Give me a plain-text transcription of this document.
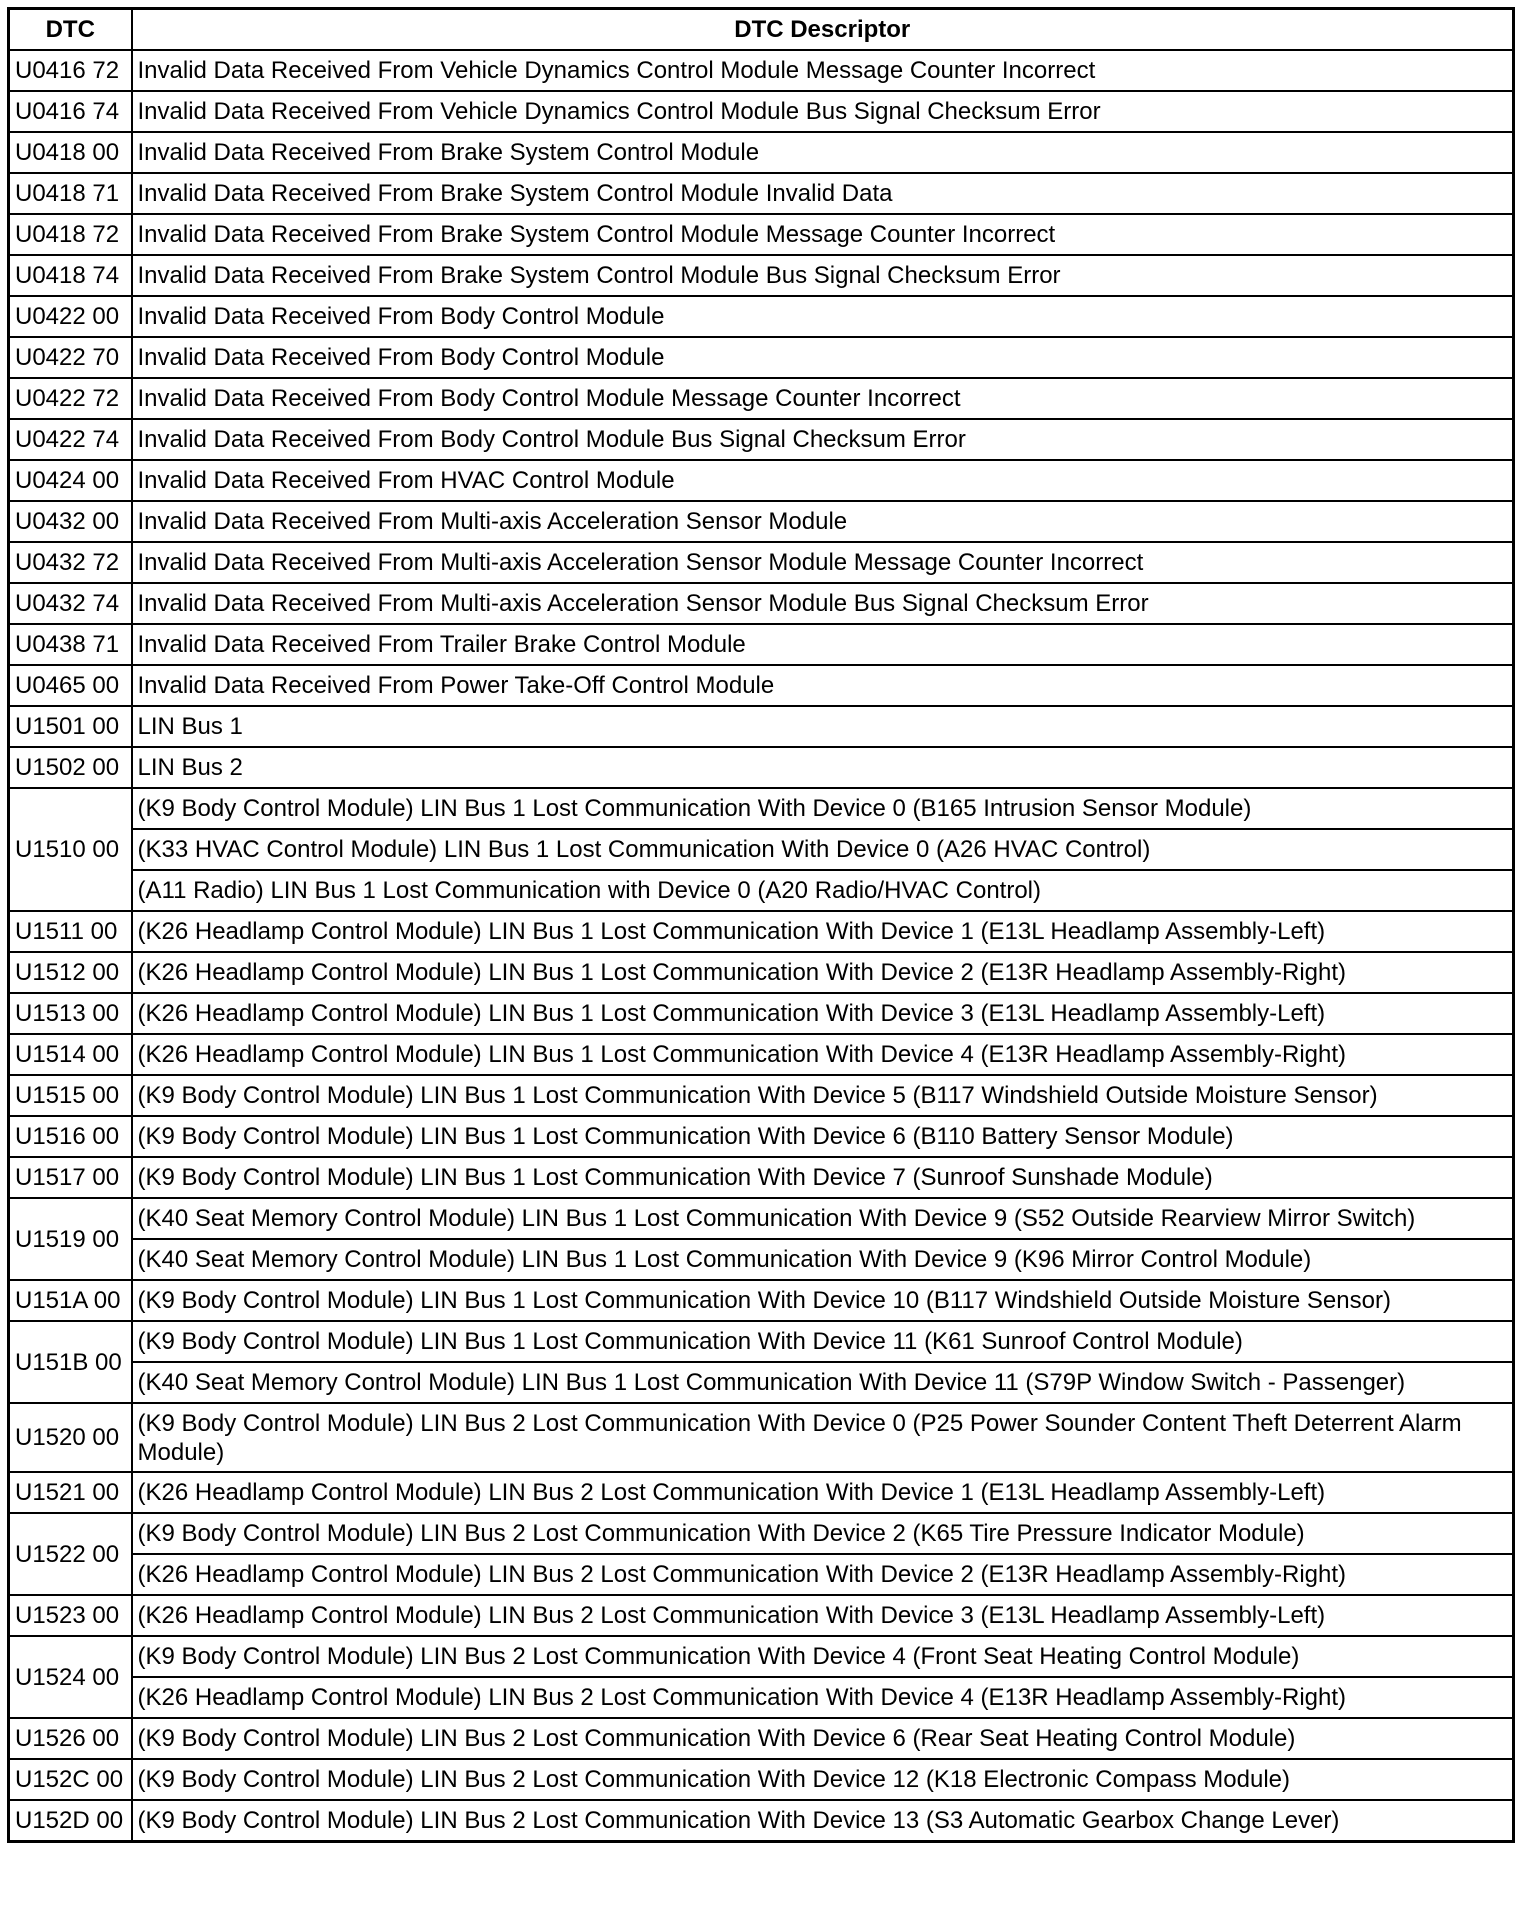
DTC	DTC Descriptor
U0416 72	Invalid Data Received From Vehicle Dynamics Control Module Message Counter Incorrect
U0416 74	Invalid Data Received From Vehicle Dynamics Control Module Bus Signal Checksum Error
U0418 00	Invalid Data Received From Brake System Control Module
U0418 71	Invalid Data Received From Brake System Control Module Invalid Data
U0418 72	Invalid Data Received From Brake System Control Module Message Counter Incorrect
U0418 74	Invalid Data Received From Brake System Control Module Bus Signal Checksum Error
U0422 00	Invalid Data Received From Body Control Module
U0422 70	Invalid Data Received From Body Control Module
U0422 72	Invalid Data Received From Body Control Module Message Counter Incorrect
U0422 74	Invalid Data Received From Body Control Module Bus Signal Checksum Error
U0424 00	Invalid Data Received From HVAC Control Module
U0432 00	Invalid Data Received From Multi-axis Acceleration Sensor Module
U0432 72	Invalid Data Received From Multi-axis Acceleration Sensor Module Message Counter Incorrect
U0432 74	Invalid Data Received From Multi-axis Acceleration Sensor Module Bus Signal Checksum Error
U0438 71	Invalid Data Received From Trailer Brake Control Module
U0465 00	Invalid Data Received From Power Take-Off Control Module
U1501 00	LIN Bus 1
U1502 00	LIN Bus 2
U1510 00	(K9 Body Control Module) LIN Bus 1 Lost Communication With Device 0 (B165 Intrusion Sensor Module)
	(K33 HVAC Control Module) LIN Bus 1 Lost Communication With Device 0 (A26 HVAC Control)
	(A11 Radio) LIN Bus 1 Lost Communication with Device 0 (A20 Radio/HVAC Control)
U1511 00	(K26 Headlamp Control Module) LIN Bus 1 Lost Communication With Device 1 (E13L Headlamp Assembly-Left)
U1512 00	(K26 Headlamp Control Module) LIN Bus 1 Lost Communication With Device 2 (E13R Headlamp Assembly-Right)
U1513 00	(K26 Headlamp Control Module) LIN Bus 1 Lost Communication With Device 3 (E13L Headlamp Assembly-Left)
U1514 00	(K26 Headlamp Control Module) LIN Bus 1 Lost Communication With Device 4 (E13R Headlamp Assembly-Right)
U1515 00	(K9 Body Control Module) LIN Bus 1 Lost Communication With Device 5 (B117 Windshield Outside Moisture Sensor)
U1516 00	(K9 Body Control Module) LIN Bus 1 Lost Communication With Device 6 (B110 Battery Sensor Module)
U1517 00	(K9 Body Control Module) LIN Bus 1 Lost Communication With Device 7 (Sunroof Sunshade Module)
U1519 00	(K40 Seat Memory Control Module) LIN Bus 1 Lost Communication With Device 9 (S52 Outside Rearview Mirror Switch)
	(K40 Seat Memory Control Module) LIN Bus 1 Lost Communication With Device 9 (K96 Mirror Control Module)
U151A 00	(K9 Body Control Module) LIN Bus 1 Lost Communication With Device 10 (B117 Windshield Outside Moisture Sensor)
U151B 00	(K9 Body Control Module) LIN Bus 1 Lost Communication With Device 11 (K61 Sunroof Control Module)
	(K40 Seat Memory Control Module) LIN Bus 1 Lost Communication With Device 11 (S79P Window Switch - Passenger)
U1520 00	(K9 Body Control Module) LIN Bus 2 Lost Communication With Device 0 (P25 Power Sounder Content Theft Deterrent Alarm Module)
U1521 00	(K26 Headlamp Control Module) LIN Bus 2 Lost Communication With Device 1 (E13L Headlamp Assembly-Left)
U1522 00	(K9 Body Control Module) LIN Bus 2 Lost Communication With Device 2 (K65 Tire Pressure Indicator Module)
	(K26 Headlamp Control Module) LIN Bus 2 Lost Communication With Device 2 (E13R Headlamp Assembly-Right)
U1523 00	(K26 Headlamp Control Module) LIN Bus 2 Lost Communication With Device 3 (E13L Headlamp Assembly-Left)
U1524 00	(K9 Body Control Module) LIN Bus 2 Lost Communication With Device 4 (Front Seat Heating Control Module)
	(K26 Headlamp Control Module) LIN Bus 2 Lost Communication With Device 4 (E13R Headlamp Assembly-Right)
U1526 00	(K9 Body Control Module) LIN Bus 2 Lost Communication With Device 6 (Rear Seat Heating Control Module)
U152C 00	(K9 Body Control Module) LIN Bus 2 Lost Communication With Device 12 (K18 Electronic Compass Module)
U152D 00	(K9 Body Control Module) LIN Bus 2 Lost Communication With Device 13 (S3 Automatic Gearbox Change Lever)
